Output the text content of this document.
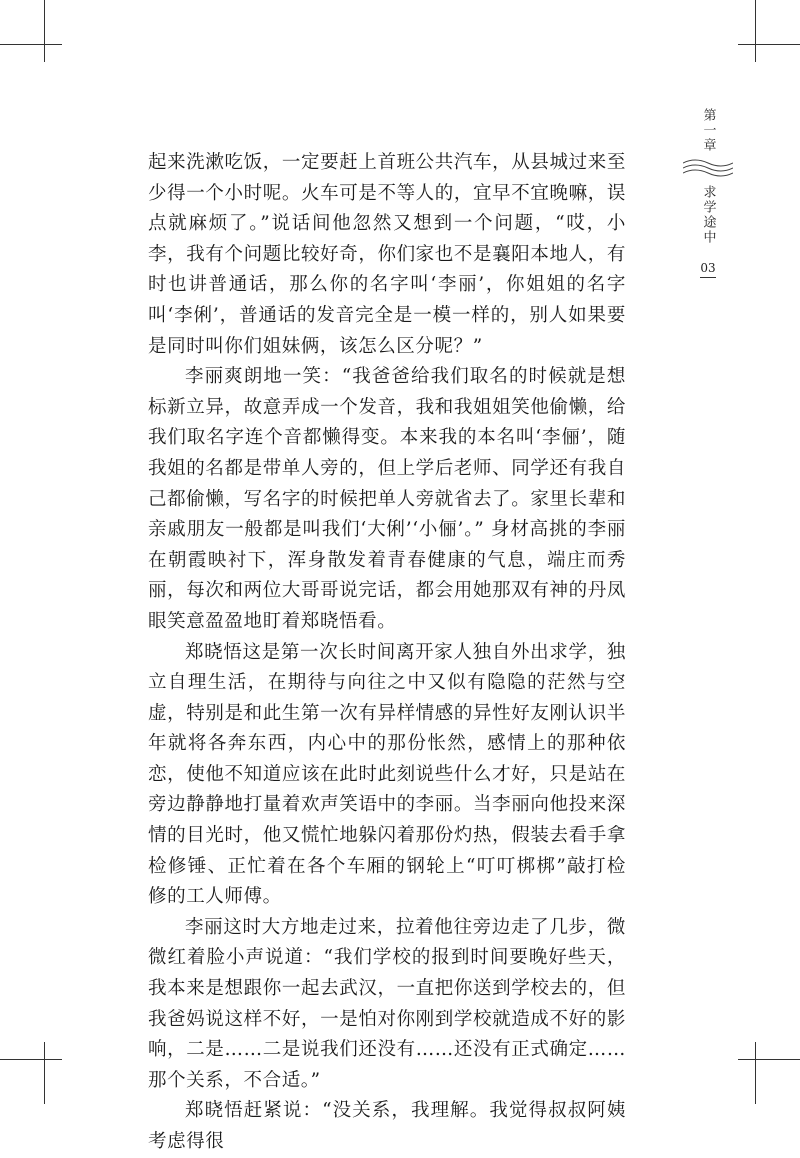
第一章
求学途中
03

起来洗漱吃饭，一定要赶上首班公共汽车，从县城过来至少得一个小时呢。火车可是不等人的，宜早不宜晚嘛，误点就麻烦了。”说话间他忽然又想到一个问题，“哎，小李，我有个问题比较好奇，你们家也不是襄阳本地人，有时也讲普通话，那么你的名字叫‘李丽’，你姐姐的名字叫‘李俐’，普通话的发音完全是一模一样的，别人如果要是同时叫你们姐妹俩，该怎么区分呢？”

李丽爽朗地一笑：“我爸爸给我们取名的时候就是想标新立异，故意弄成一个发音，我和我姐姐笑他偷懒，给我们取名字连个音都懒得变。本来我的本名叫‘李俪’，随我姐的名都是带单人旁的，但上学后老师、同学还有我自己都偷懒，写名字的时候把单人旁就省去了。家里长辈和亲戚朋友一般都是叫我们‘大俐’‘小俪’。” 身材高挑的李丽在朝霞映衬下，浑身散发着青春健康的气息，端庄而秀丽，每次和两位大哥哥说完话，都会用她那双有神的丹凤眼笑意盈盈地盯着郑晓悟看。

郑晓悟这是第一次长时间离开家人独自外出求学，独立自理生活，在期待与向往之中又似有隐隐的茫然与空虚，特别是和此生第一次有异样情感的异性好友刚认识半年就将各奔东西，内心中的那份怅然，感情上的那种依恋，使他不知道应该在此时此刻说些什么才好，只是站在旁边静静地打量着欢声笑语中的李丽。当李丽向他投来深情的目光时，他又慌忙地躲闪着那份灼热，假装去看手拿检修锤、正忙着在各个车厢的钢轮上“叮叮梆梆”敲打检修的工人师傅。

李丽这时大方地走过来，拉着他往旁边走了几步，微微红着脸小声说道：“我们学校的报到时间要晚好些天，我本来是想跟你一起去武汉，一直把你送到学校去的，但我爸妈说这样不好，一是怕对你刚到学校就造成不好的影响，二是……二是说我们还没有……还没有正式确定……那个关系，不合适。”

郑晓悟赶紧说：“没关系，我理解。我觉得叔叔阿姨考虑得很
